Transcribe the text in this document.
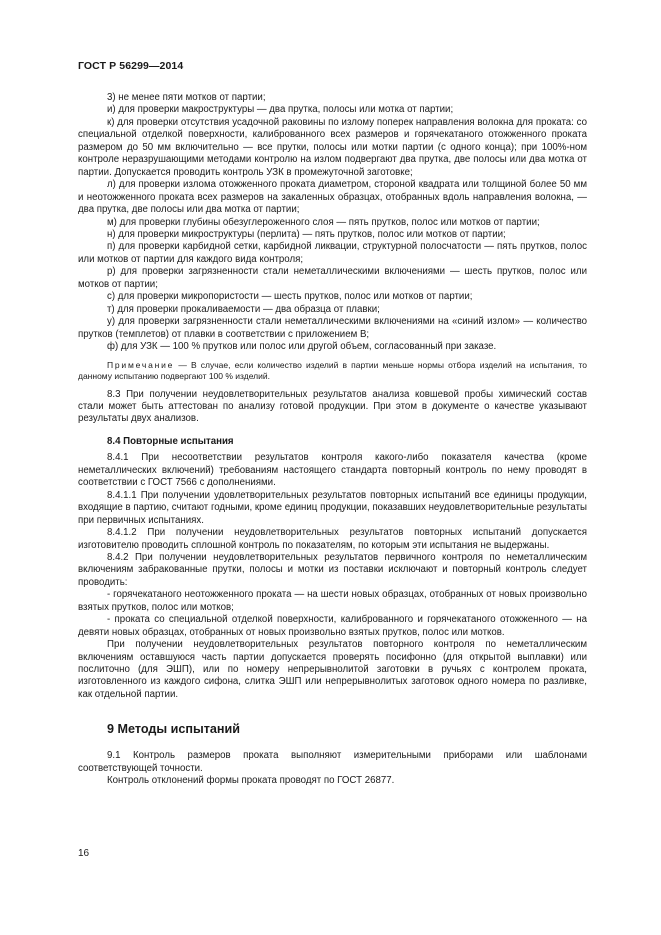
ГОСТ Р 56299—2014

3) не менее пяти мотков от партии;

и) для проверки макроструктуры — два прутка, полосы или мотка от партии;

к) для проверки отсутствия усадочной раковины по излому поперек направления волокна для проката: со специальной отделкой поверхности, калиброванного всех размеров и горячекатаного отожженного проката размером до 50 мм включительно — все прутки, полосы или мотки партии (с одного конца); при 100%-ном контроле неразрушающими методами контролю на излом подвергают два прутка, две полосы или два мотка от партии. Допускается проводить контроль УЗК в промежуточной заготовке;

л) для проверки излома отожженного проката диаметром, стороной квадрата или толщиной более 50 мм и неотожженного проката всех размеров на закаленных образцах, отобранных вдоль направления волокна, — два прутка, две полосы или два мотка от партии;

м) для проверки глубины обезуглероженного слоя — пять прутков, полос или мотков от партии;

н) для проверки микроструктуры (перлита) — пять прутков, полос или мотков от партии;

п) для проверки карбидной сетки, карбидной ликвации, структурной полосчатости — пять прутков, полос или мотков от партии для каждого вида контроля;

р) для проверки загрязненности стали неметаллическими включениями — шесть прутков, полос или мотков от партии;

с) для проверки микропористости — шесть прутков, полос или мотков от партии;

т) для проверки прокаливаемости — два образца от плавки;

у) для проверки загрязненности стали неметаллическими включениями на «синий излом» — количество прутков (темплетов) от плавки в соответствии с приложением В;

ф) для УЗК — 100 % прутков или полос или другой объем, согласованный при заказе.

Примечание — В случае, если количество изделий в партии меньше нормы отбора изделий на испытания, то данному испытанию подвергают 100 % изделий.

8.3 При получении неудовлетворительных результатов анализа ковшевой пробы химический состав стали может быть аттестован по анализу готовой продукции. При этом в документе о качестве указывают результаты двух анализов.

8.4 Повторные испытания

8.4.1 При несоответствии результатов контроля какого-либо показателя качества (кроме неметаллических включений) требованиям настоящего стандарта повторный контроль по нему проводят в соответствии с ГОСТ 7566 с дополнениями.

8.4.1.1 При получении удовлетворительных результатов повторных испытаний все единицы продукции, входящие в партию, считают годными, кроме единиц продукции, показавших неудовлетворительные результаты при первичных испытаниях.

8.4.1.2 При получении неудовлетворительных результатов повторных испытаний допускается изготовителю проводить сплошной контроль по показателям, по которым эти испытания не выдержаны.

8.4.2 При получении неудовлетворительных результатов первичного контроля по неметаллическим включениям забракованные прутки, полосы и мотки из поставки исключают и повторный контроль следует проводить:

- горячекатаного неотожженного проката — на шести новых образцах, отобранных от новых произвольно взятых прутков, полос или мотков;

- проката со специальной отделкой поверхности, калиброванного и горячекатаного отожженного — на девяти новых образцах, отобранных от новых произвольно взятых прутков, полос или мотков.

При получении неудовлетворительных результатов повторного контроля по неметаллическим включениям оставшуюся часть партии допускается проверять посифонно (для открытой выплавки) или послиточно (для ЭШП), или по номеру непрерывнолитой заготовки в ручьях с контролем проката, изготовленного из каждого сифона, слитка ЭШП или непрерывнолитых заготовок одного номера по разливке, как отдельной партии.

9 Методы испытаний

9.1 Контроль размеров проката выполняют измерительными приборами или шаблонами соответствующей точности.

Контроль отклонений формы проката проводят по ГОСТ 26877.

16
